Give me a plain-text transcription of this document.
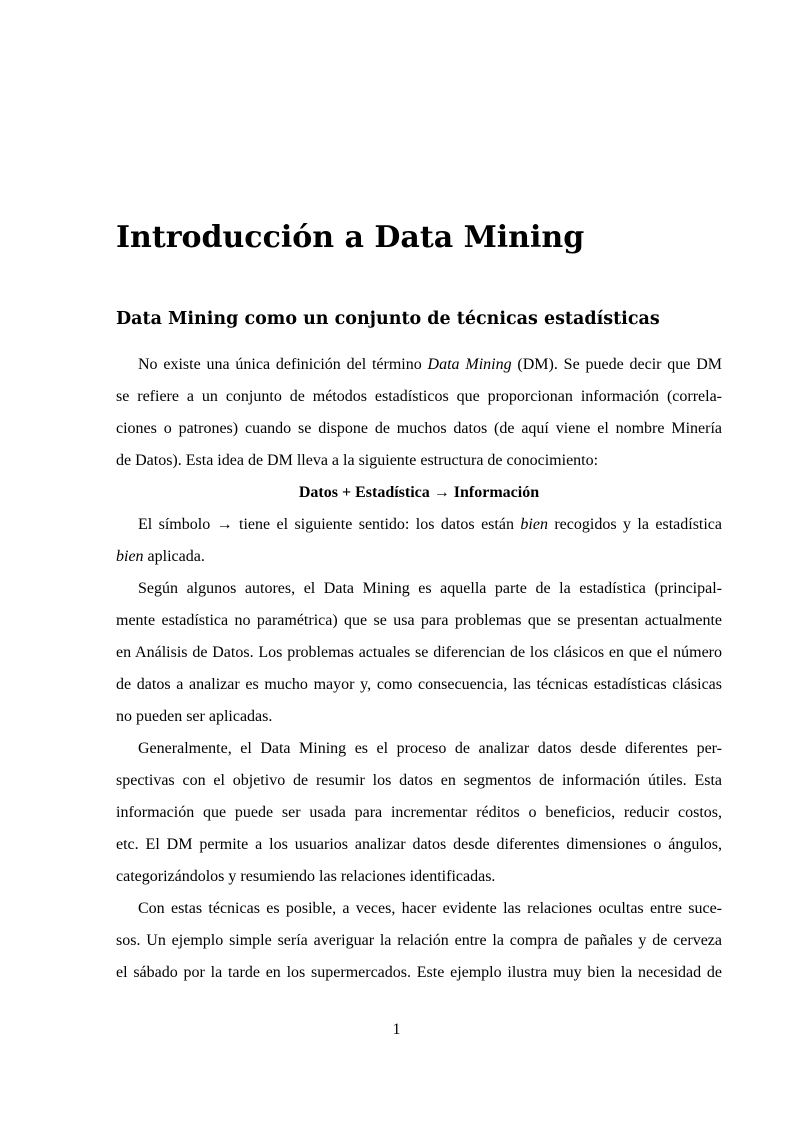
Introducción a Data Mining
Data Mining como un conjunto de técnicas estadísticas
No existe una única definición del término Data Mining (DM). Se puede decir que DM
se refiere a un conjunto de métodos estadísticos que proporcionan información (correla-
ciones o patrones) cuando se dispone de muchos datos (de aquí viene el nombre Minería
de Datos). Esta idea de DM lleva a la siguiente estructura de conocimiento:
Datos + Estadística → Información
El símbolo → tiene el siguiente sentido: los datos están bien recogidos y la estadística
bien aplicada.
Según algunos autores, el Data Mining es aquella parte de la estadística (principal-
mente estadística no paramétrica) que se usa para problemas que se presentan actualmente
en Análisis de Datos. Los problemas actuales se diferencian de los clásicos en que el número
de datos a analizar es mucho mayor y, como consecuencia, las técnicas estadísticas clásicas
no pueden ser aplicadas.
Generalmente, el Data Mining es el proceso de analizar datos desde diferentes per-
spectivas con el objetivo de resumir los datos en segmentos de información útiles. Esta
información que puede ser usada para incrementar réditos o beneficios, reducir costos,
etc. El DM permite a los usuarios analizar datos desde diferentes dimensiones o ángulos,
categorizándolos y resumiendo las relaciones identificadas.
Con estas técnicas es posible, a veces, hacer evidente las relaciones ocultas entre suce-
sos. Un ejemplo simple sería averiguar la relación entre la compra de pañales y de cerveza
el sábado por la tarde en los supermercados. Este ejemplo ilustra muy bien la necesidad de
1
